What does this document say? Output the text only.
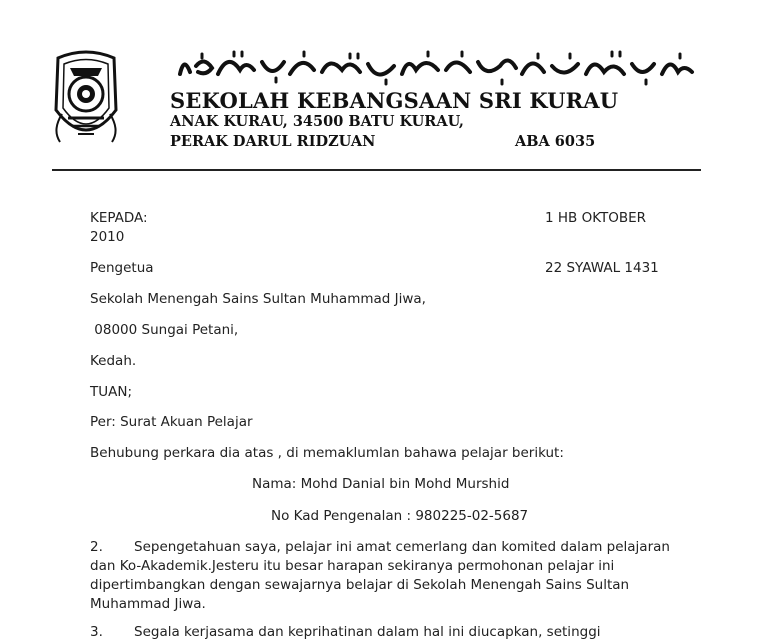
SEKOLAH KEBANGSAAN SRI KURAU
ANAK KURAU, 34500 BATU KURAU,
PERAK DARUL RIDZUAN	ABA 6035
KEPADA:	1 HB OKTOBER
2010
Pengetua	22 SYAWAL 1431
Sekolah Menengah Sains Sultan Muhammad Jiwa,
08000 Sungai Petani,
Kedah.
TUAN;
Per: Surat Akuan Pelajar
Behubung perkara dia atas , di memaklumlan bahawa pelajar berikut:
Nama: Mohd Danial bin Mohd Murshid
No Kad Pengenalan : 980225-02-5687
2.	Sepengetahuan saya, pelajar ini amat cemerlang dan komited dalam pelajaran dan Ko-Akademik.Jesteru itu besar harapan sekiranya permohonan pelajar ini dipertimbangkan dengan sewajarnya belajar di Sekolah Menengah Sains Sultan Muhammad Jiwa.

3.	Segala kerjasama dan keprihatinan dalam hal ini diucapkan, setinggi
